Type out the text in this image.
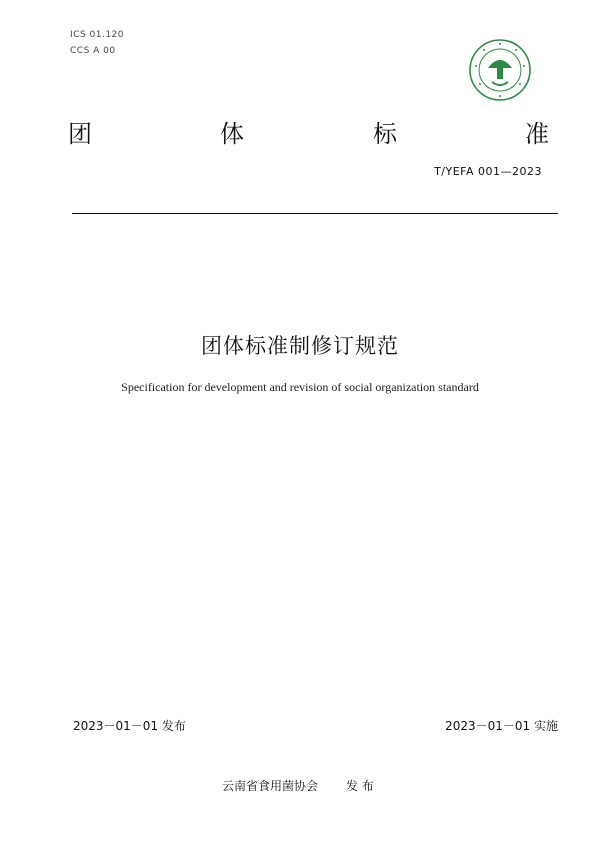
ICS 01.120
CCS A 00
团	体	标	准
T/YEFA 001—2023
团体标准制修订规范
Specification for development and revision of social organization standard
2023－01－01 发布	2023－01－01 实施
云南省食用菌协会 发 布
